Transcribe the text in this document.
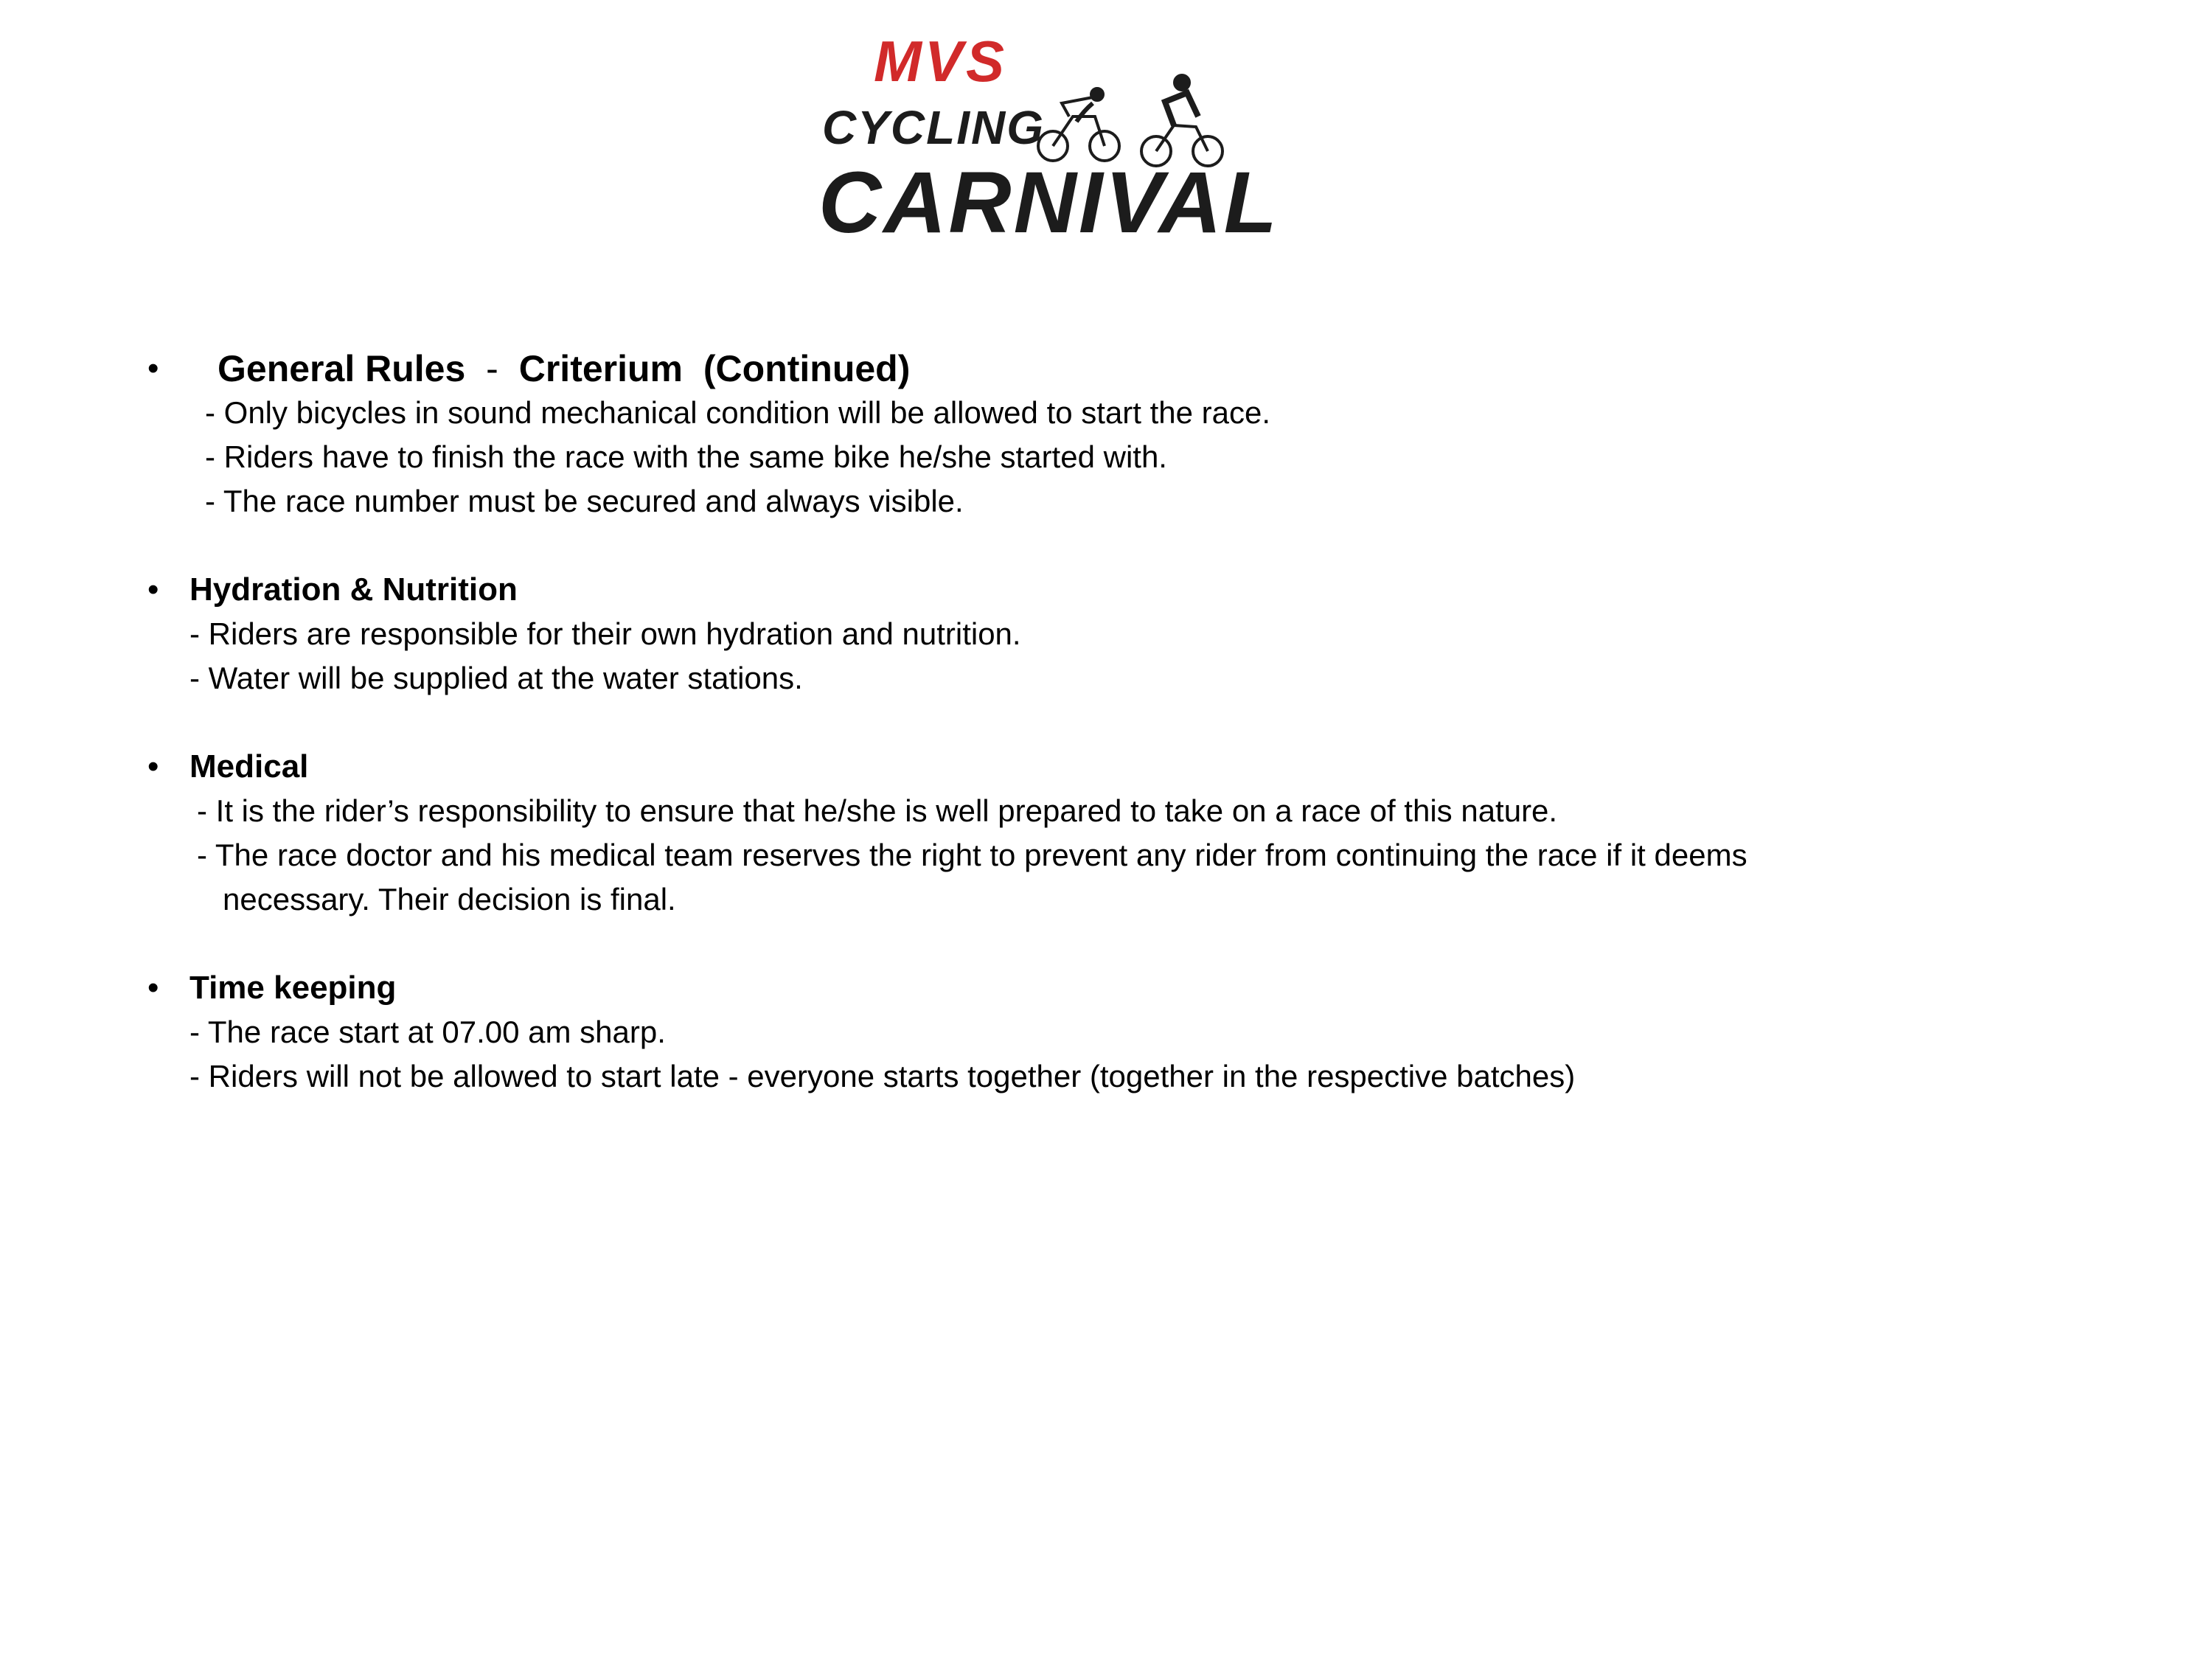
MVS
CYCLING
CARNIVAL
•	General Rules - Criterium (Continued)
- Only bicycles in sound mechanical condition will be allowed to start the race.
- Riders have to finish the race with the same bike he/she started with.
- The race number must be secured and always visible.
• Hydration & Nutrition
- Riders are responsible for their own hydration and nutrition.
- Water will be supplied at the water stations.
• Medical
- It is the rider’s responsibility to ensure that he/she is well prepared to take on a race of this nature.
- The race doctor and his medical team reserves the right to prevent any rider from continuing the race if it deems
necessary. Their decision is final.
• Time keeping
- The race start at 07.00 am sharp.
- Riders will not be allowed to start late - everyone starts together (together in the respective batches)
